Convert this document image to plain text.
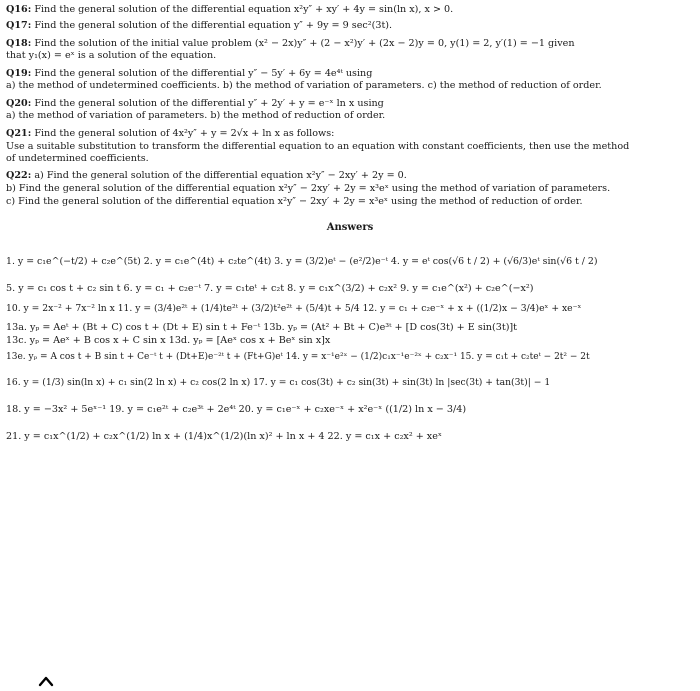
Q16: Find the general solution of the differential equation x²y″ + xy′ + 4y = sin(ln x), x > 0.
Q17: Find the general solution of the differential equation y″ + 9y = 9 sec²(3t).
Q18: Find the solution of the initial value problem (x² − 2x)y″ + (2 − x²)y′ + (2x − 2)y = 0, y(1) = 2, y′(1) = −1 given
that y₁(x) = eˣ is a solution of the equation.
Q19: Find the general solution of the differential y″ − 5y′ + 6y = 4e⁴ᵗ using
a) the method of undetermined coefficients. b) the method of variation of parameters. c) the method of reduction of order.
Q20: Find the general solution of the differential y″ + 2y′ + y = e⁻ˣ ln x using
a) the method of variation of parameters. b) the method of reduction of order.
Q21: Find the general solution of 4x²y″ + y = 2√x + ln x as follows:
Use a suitable substitution to transform the differential equation to an equation with constant coefficients, then use the method
of undetermined coefficients.
Q22: a) Find the general solution of the differential equation x²y″ − 2xy′ + 2y = 0.
b) Find the general solution of the differential equation x²y″ − 2xy′ + 2y = x³eˣ using the method of variation of parameters.
c) Find the general solution of the differential equation x²y″ − 2xy′ + 2y = x³eˣ using the method of reduction of order.
Answers
1. y = c₁e^(−t/2) + c₂e^(5t) 2. y = c₁e^(4t) + c₂te^(4t) 3. y = (3/2)eᵗ − (e²/2)e⁻ᵗ 4. y = eᵗ cos(√6 t / 2) + (√6/3)eᵗ sin(√6 t / 2)
5. y = c₁ cos t + c₂ sin t 6. y = c₁ + c₂e⁻ᵗ 7. y = c₁teᵗ + c₂t 8. y = c₁x^(3/2) + c₂x² 9. y = c₁e^(x²) + c₂e^(−x²)
10. y = 2x⁻² + 7x⁻² ln x 11. y = (3/4)e²ᵗ + (1/4)te²ᵗ + (3/2)t²e²ᵗ + (5/4)t + 5/4 12. y = c₁ + c₂e⁻ˣ + x + ((1/2)x − 3/4)eˣ + xe⁻ˣ
13a. yₚ = Aeᵗ + (Bt + C) cos t + (Dt + E) sin t + Fe⁻ᵗ 13b. yₚ = (At² + Bt + C)e³ᵗ + [D cos(3t) + E sin(3t)]t
13c. yₚ = Aeˣ + B cos x + C sin x 13d. yₚ = [Aeˣ cos x + Beˣ sin x]x
13e. yₚ = A cos t + B sin t + Ce⁻ᵗ t + (Dt+E)e⁻²ᵗ t + (Ft+G)eᵗ 14. y = x⁻¹e²ˣ − (1/2)c₁x⁻¹e⁻²ˣ + c₂x⁻¹ 15. y = c₁t + c₂teᵗ − 2t² − 2t
16. y = (1/3) sin(ln x) + c₁ sin(2 ln x) + c₂ cos(2 ln x) 17. y = c₁ cos(3t) + c₂ sin(3t) + sin(3t) ln |sec(3t) + tan(3t)| − 1
18. y = −3x² + 5eˣ⁻¹ 19. y = c₁e²ᵗ + c₂e³ᵗ + 2e⁴ᵗ 20. y = c₁e⁻ˣ + c₂xe⁻ˣ + x²e⁻ˣ ((1/2) ln x − 3/4)
21. y = c₁x^(1/2) + c₂x^(1/2) ln x + (1/4)x^(1/2)(ln x)² + ln x + 4 22. y = c₁x + c₂x² + xeˣ
